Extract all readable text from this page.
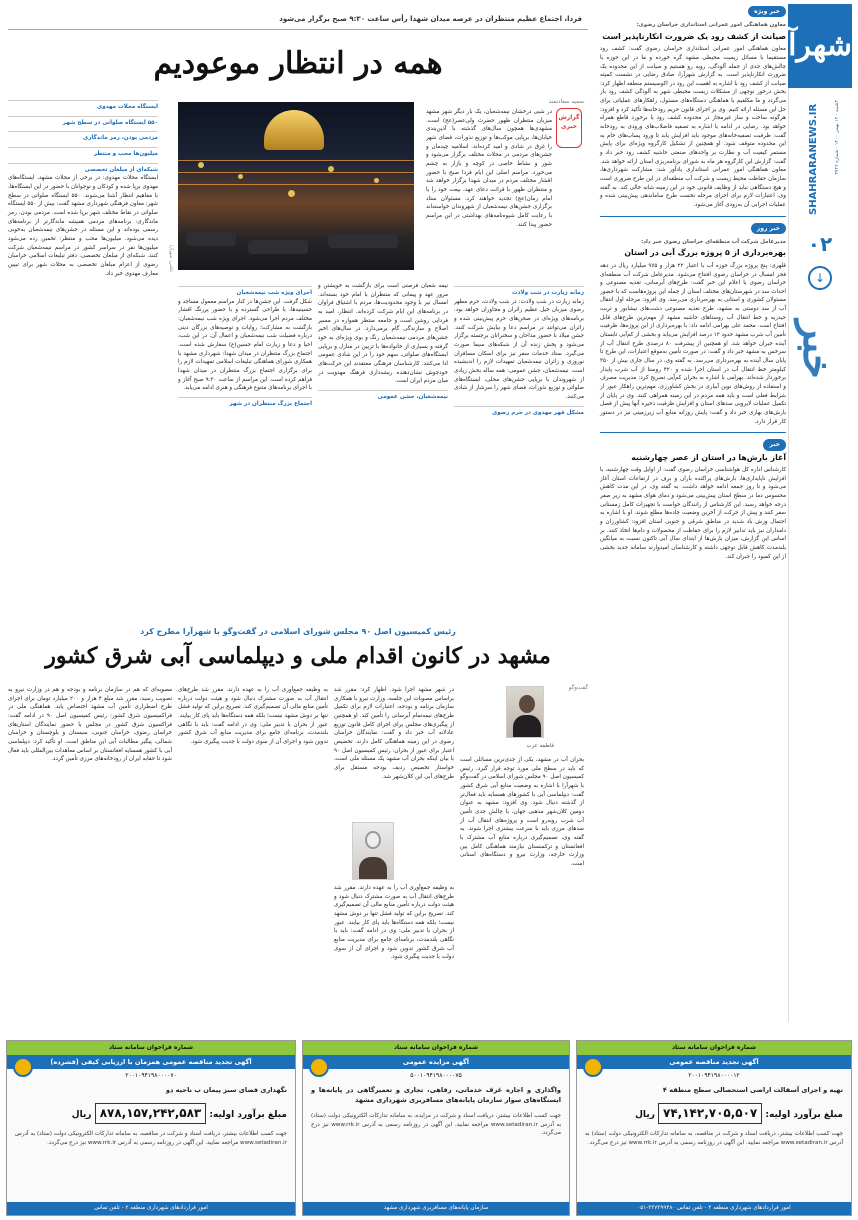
شهرآرا
SHAHRARANEWS.IR	۳شنبه · ۱۲ بهمن ۱۴۰۰ · شماره ۳۷۴۶
۰۲
↓
خبر
خبر ویژه
معاون هماهنگی امور عمرانی استانداری خراسان رضوی:
صیانت از کشف رود یک ضرورت انکارناپذیر است
معاون هماهنگی امور عمرانی استانداری خراسان رضوی گفت: کشف رود مستقیما با مسائل زیست محیطی مشهد گره خورده و ما در این حوزه با چالش‌های جدی از جمله آلودگی، رویه رو هستیم و صیانت از این محدوده یک ضرورت انکارناپذیر است. به گزارش شهرآرا، صادق رضایی در نشست کمیته صیانت از کشف رود با اشاره به اهمیت این رود در اکوسیستم منطقه اظهار کرد: بخش درخور توجهی از مشکلات زیست محیطی شهر به آلودگی کشف رود باز می‌گردد و ما مکلفیم با هماهنگی دستگاه‌های مسئول، راهکارهای عملیاتی برای حل این مسئله ارائه کنیم. وی بر اجرای قانون حریم رودخانه‌ها تأکید کرد و افزود: هرگونه ساخت و ساز غیرمجاز در محدوده کشف رود با برخورد قاطع همراه خواهد بود. رضایی در ادامه با اشاره به تصفیه فاضلاب‌های ورودی به رودخانه گفت: ظرفیت تصفیه‌خانه‌های موجود باید افزایش یابد تا ورود پساب‌های خام به این محدوده متوقف شود. او همچنین از تشکیل کارگروه ویژه‌ای برای پایش مستمر کیفیت آب و نظارت بر واحدهای صنعتی حاشیه کشف رود خبر داد و گفت: گزارش این کارگروه هر ماه به شورای برنامه‌ریزی استان ارائه خواهد شد. معاون هماهنگی امور عمرانی استانداری یادآور شد: مشارکت شهرداری‌ها، سازمان حفاظت محیط زیست و شرکت آب منطقه‌ای در این طرح ضروری است و هیچ دستگاهی نباید از وظایف قانونی خود در این زمینه شانه خالی کند. به گفته وی، اعتبارات لازم برای اجرای مرحله نخست طرح ساماندهی پیش‌بینی شده و عملیات اجرایی آن به‌زودی آغاز می‌شود.
خبر روز
مدیرعامل شرکت آب منطقه‌ای خراسان رضوی خبر داد:
بهره‌برداری از ۵ پروژه بزرگ آبی در استان
قلهری: پنج پروژه بزرگ حوزه آب با اعتبار ۲۲ هزار و ۹۷۵ میلیارد ریال در دهه فجر امسال در خراسان رضوی افتتاح می‌شود. مدیرعامل شرکت آب منطقه‌ای خراسان رضوی با اعلام این خبر گفت: طرح‌های آبرسانی، تغذیه مصنوعی و احداث سد در شهرستان‌های مختلف استان از جمله این پروژه‌هاست که با حضور مسئولان کشوری و استانی به بهره‌برداری می‌رسد. وی افزود: مرحله اول انتقال آب از سد دوستی به مشهد، طرح تغذیه مصنوعی دشت‌های نیشابور و تربت حیدریه و خط انتقال آب روستاهای حاشیه مشهد از مهم‌ترین طرح‌های قابل افتتاح است. محمد علی بهرامی ادامه داد: با بهره‌برداری از این پروژه‌ها، ظرفیت تأمین آب شرب مشهد حدود ۱۲ درصد افزایش می‌یابد و بخشی از کم‌آبی تابستان آینده جبران خواهد شد. او همچنین از پیشرفت ۸۰ درصدی طرح انتقال آب از سرخس به مشهد خبر داد و گفت: در صورت تأمین به‌موقع اعتبارات، این طرح تا پایان سال آینده به بهره‌برداری می‌رسد. به گفته وی، در سال جاری بیش از ۳۵۰ کیلومتر خط انتقال آب در استان اجرا شده و ۴۲۰ روستا از آب شرب پایدار برخوردار شده‌اند. بهرامی با اشاره به بحران کم‌آبی تصریح کرد: مدیریت مصرف و استفاده از روش‌های نوین آبیاری در بخش کشاورزی، مهم‌ترین راهکار عبور از شرایط فعلی است و باید همه مردم در این زمینه همراهی کنند. وی در پایان از تکمیل عملیات لایروبی سدهای استان و افزایش ظرفیت ذخیره آنها پیش از فصل بارش‌های بهاری خبر داد و گفت: پایش روزانه منابع آب زیرزمینی نیز در دستور کار قرار دارد.
خبر
آغاز بارش‌ها در استان از عصر چهارشنبه
کارشناس اداره کل هواشناسی خراسان رضوی گفت: از اوایل وقت چهارشنبه، با افزایش ناپایداری‌ها، بارش‌های پراکنده باران و برف در ارتفاعات استان آغاز می‌شود و تا روز جمعه ادامه خواهد داشت. به گفته وی، در این مدت کاهش محسوس دما در سطح استان پیش‌بینی می‌شود و دمای هوای مشهد به زیر صفر درجه خواهد رسید. این کارشناس از رانندگان خواست با تجهیزات کامل زمستانی سفر کنند و پیش از حرکت از آخرین وضعیت جاده‌ها مطلع شوند. او با اشاره به احتمال وزش باد شدید در مناطق شرقی و جنوبی استان افزود: کشاورزان و دامداران نیز باید تدابیر لازم را برای حفاظت از محصولات و دام‌ها اتخاذ کنند. بر اساس این گزارش، میزان بارش‌ها از ابتدای سال آبی تاکنون نسبت به میانگین بلندمدت کاهش قابل توجهی داشته و کارشناسان امیدوارند سامانه جدید بخشی از این کمبود را جبران کند.
فردا، اجتماع عظیم منتظران در عرصه میدان شهدا رأس ساعت ۹:۳۰ صبح برگزار می‌شود
همه در انتظار موعودیم
سمیه سعادتمند
گزارش خبری
در شبی درخشان نیمه‌شعبان، یک بار دیگر شهر مشهد میزبان منتظران ظهور حضرت ولی‌عصر(عج) است. مشهدی‌ها همچون سال‌های گذشته با آذین‌بندی خیابان‌ها، برپایی موکب‌ها و توزیع نذورات، فضای شهر را غرق در شادی و امید کرده‌اند. اسلامیه چیدمان و جشن‌های مردمی در محلات مختلف برگزار می‌شود و شور و نشاط خاصی در کوچه و بازار به چشم می‌خورد. مراسم اصلی این ایام فردا صبح با حضور اقشار مختلف مردم در میدان شهدا برگزار خواهد شد و منتظران ظهور با قرائت دعای عهد، بیعت خود را با امام زمان(عج) تجدید خواهند کرد. مسئولان ستاد برگزاری جشن‌های نیمه‌شعبان از شهروندان خواسته‌اند با رعایت کامل شیوه‌نامه‌های بهداشتی در این مراسم حضور پیدا کنند.
عکس: شهرآرا
زمانه زیارت در شب ولادت
زمانه زیارت در شب ولادت: در شب ولادت، حرم مطهر رضوی میزبان خیل عظیم زائران و مجاوران خواهد بود. برنامه‌های ویژه‌ای در صحن‌های حرم پیش‌بینی شده و زائران می‌توانند در مراسم دعا و نیایش شرکت کنند. جشن میلاد با حضور مداحان و سخنرانان برجسته برگزار می‌شود و پخش زنده آن از شبکه‌های سیما صورت می‌گیرد. ستاد خدمات سفر نیز برای اسکان مسافران نوروزی و زائران نیمه‌شعبان تمهیدات لازم را اندیشیده است. نیمه‌شعبان، جشن عمومی: همه ساله بخش زیادی از شهروندان با برپایی جشن‌های محلی، ایستگاه‌های صلواتی و توزیع نذورات، فضای شهر را سرشار از شادی می‌کنند.
مشکل قهر مهدوی در حرم رضوی
نیمه شعبان فرصتی است برای بازگشت به خویشتن و مرور عهد و پیمانی که منتظران با امام خود بسته‌اند. امسال نیز با وجود محدودیت‌ها، مردم با اشتیاق فراوان در برنامه‌های این ایام شرکت کرده‌اند. انتظار، امید به فردایی روشن است و جامعه منتظر همواره در مسیر اصلاح و سازندگی گام برمی‌دارد. در سال‌های اخیر جشن‌های مردمی نیمه‌شعبان رنگ و بوی ویژه‌ای به خود گرفته و بسیاری از خانواده‌ها با تزیین در منازل و برپایی ایستگاه‌های صلواتی، سهم خود را در این شادی عمومی ادا می‌کنند. کارشناسان فرهنگی معتقدند این حرکت‌های خودجوش نشان‌دهنده ریشه‌داری فرهنگ مهدویت در میان مردم ایران است.
نیمه‌شعبان، جشن عمومی
اجرای ویژه شب نیمه‌شعبان
شکل گرفت. این جشن‌ها در کنار مراسم معمول مساجد و حسینیه‌ها، با طراحی گسترده و با حضور پررنگ اقشار مختلف مردم اجرا می‌شود. اجرای ویژه شب نیمه‌شعبان: بازگشت به مشارکت؛ روایات و توصیه‌های بزرگان دینی درباره فضیلت شب نیمه‌شعبان و اعمال آن. در این شب، احیا و دعا و زیارت امام حسین(ع) سفارش شده است. اجتماع بزرگ منتظران در میدان شهدا: شهرداری مشهد با همکاری شورای هماهنگی تبلیغات اسلامی تمهیدات لازم را برای برگزاری اجتماع بزرگ منتظران در میدان شهدا فراهم کرده است. این مراسم از ساعت ۹:۳۰ صبح آغاز و با اجرای برنامه‌های متنوع فرهنگی و هنری ادامه می‌یابد.
اجتماع بزرگ منتظران در شهر
ایستگاه محلات مهدوی
۵۵۰ ایستگاه صلواتی در سطح شهر
مردمی بودن، رمز ماندگاری
میلیون‌ها محب و منتظر
شبکه‌ای از مبلغان تخصصی
ایستگاه محلات مهدوی: در برخی از محلات مشهد، ایستگاه‌های مهدوی برپا شده و کودکان و نوجوانان با حضور در این ایستگاه‌ها، با مفاهیم انتظار آشنا می‌شوند. ۵۵۰ ایستگاه صلواتی در سطح شهر: معاون فرهنگی شهرداری مشهد گفت: بیش از ۵۵۰ ایستگاه صلواتی در نقاط مختلف شهر برپا شده است. مردمی بودن، رمز ماندگاری: برنامه‌های مردمی همیشه ماندگارتر از برنامه‌های رسمی بوده‌اند و این مسئله در جشن‌های نیمه‌شعبان به‌خوبی دیده می‌شود. میلیون‌ها محب و منتظر: تخمین زده می‌شود میلیون‌ها نفر در سراسر کشور در مراسم نیمه‌شعبان شرکت کنند. شبکه‌ای از مبلغان تخصصی: دفتر تبلیغات اسلامی خراسان رضوی از اعزام مبلغان تخصصی به محلات شهر برای تبیین معارف مهدوی خبر داد.
رئیس کمیسیون اصل ۹۰ مجلس شورای اسلامی در گفت‌وگو با شهرآرا مطرح کرد
مشهد در کانون اقدام ملی و دیپلماسی آبی شرق کشور
گفت‌وگو
فاطمه عرب
بحران آب در مشهد، یکی از جدی‌ترین مسائلی است که باید در سطح ملی مورد توجه قرار گیرد. رئیس کمیسیون اصل ۹۰ مجلس شورای اسلامی در گفت‌وگو با شهرآرا با اشاره به وضعیت منابع آبی شرق کشور گفت: دیپلماسی آبی با کشورهای همسایه باید فعال‌تر از گذشته دنبال شود. وی افزود: مشهد به عنوان دومین کلان‌شهر مذهبی جهان، با چالش جدی تأمین آب شرب روبه‌رو است و پروژه‌های انتقال آب از سدهای مرزی باید با سرعت بیشتری اجرا شوند. به گفته وی، تصمیم‌گیری درباره منابع آب مشترک با افغانستان و ترکمنستان نیازمند هماهنگی کامل بین وزارت خارجه، وزارت نیرو و دستگاه‌های استانی است.
در شهر مشهد اجرا شود. اظهار کرد: مقرر شد براساس مصوبات این جلسه، وزارت نیرو با همکاری سازمان برنامه و بودجه، اعتبارات لازم برای تکمیل طرح‌های نیمه‌تمام آبرسانی را تأمین کند. او همچنین از پیگیری‌های مجلس برای اجرای کامل قانون توزیع عادلانه آب خبر داد و گفت: نمایندگان خراسان رضوی در این زمینه هماهنگی کامل دارند. تخصیص اعتبار برای عبور از بحران: رئیس کمیسیون اصل ۹۰ با بیان اینکه بحران آب مشهد یک مسئله ملی است، خواستار تخصیص ردیف بودجه مستقل برای طرح‌های آبی این کلان‌شهر شد.
به وظیفه جمع‌آوری آب را به عهده دارند. مقرر شد طرح‌های انتقال آب به صورت مشترک دنبال شود و هیئت دولت درباره تأمین منابع مالی آن تصمیم‌گیری کند. تصریح براین که تولید فشل تنها بر دوش مشهد نیست؛ بلکه همه دستگاه‌ها باید پای کار بیایند. عبور از بحران با تدبیر ملی: وی در ادامه گفت: باید با نگاهی بلندمدت، برنامه‌ای جامع برای مدیریت منابع آب شرق کشور تدوین شود و اجرای آن از سوی دولت با جدیت پیگیری شود.
به وظیفه جمع‌آوری آب را به عهده دارند. مقرر شد طرح‌های انتقال آب به صورت مشترک دنبال شود و هیئت دولت درباره تأمین منابع مالی آن تصمیم‌گیری کند. تصریح براین که تولید فشل تنها بر دوش مشهد نیست؛ بلکه همه دستگاه‌ها باید پای کار بیایند. عبور از بحران با تدبیر ملی: وی در ادامه گفت: باید با نگاهی بلندمدت، برنامه‌ای جامع برای مدیریت منابع آب شرق کشور تدوین شود و اجرای آن از سوی دولت با جدیت پیگیری شود.
مصوبه‌ای که هم در سازمان برنامه و بودجه و هم در وزارت نیرو به تصویب رسید، مقرر شد مبلغ ۴ هزار و ۲۰۰ میلیارد تومان برای اجرای طرح اضطراری تأمین آب مشهد اختصاص یابد. هماهنگی ملی در فراکمیسیون شرق کشور: رئیس کمیسیون اصل ۹۰ در ادامه گفت: فراکسیون شرق کشور در مجلس با حضور نمایندگان استان‌های خراسان رضوی، خراسان جنوبی، سیستان و بلوچستان و خراسان شمالی، پیگیر مطالبات آبی این مناطق است. او تأکید کرد: دیپلماسی آبی با کشور همسایه افغانستان بر اساس معاهدات بین‌المللی باید فعال شود تا حقابه ایران از رودخانه‌های مرزی تأمین گردد.
شماره فراخوان سامانه ستاد
آگهی تجدید مناقصه عمومی
۲۰۰۱۰۹۴۱۹۸۰۰۰۰۱۲
تهیه و اجرای آسفالت اراضی استحصالی سطح منطقه ۴
مبلغ برآورد اولیه: ۷۴,۱۴۲,۷۰۵,۵۰۷ ریال
جهت کسب اطلاعات بیشتر، دریافت اسناد و شرکت در مناقصه، به سامانه تدارکات الکترونیکی دولت (ستاد) به آدرس www.setadiran.ir مراجعه نمایید. این آگهی در روزنامه رسمی به آدرس www.rrk.ir نیز درج می‌گردد.
امور قراردادهای شهرداری منطقه ۴ - تلفن تماس ۳۳۷۳۹۹۴۸۰-۰۵۱
شماره فراخوان سامانه ستاد
آگهی مزایده عمومی
۵۰۰۱۰۹۴۱۹۸۰۰۰۰۷۵
واگذاری و اجاره غرف خدماتی، رفاهی، تجاری و تعمیرگاهی در پایانه‌ها و ایستگاه‌های سوار سازمان پایانه‌های مسافربری شهرداری مشهد
جهت کسب اطلاعات بیشتر، دریافت اسناد و شرکت در مزایده، به سامانه تدارکات الکترونیکی دولت (ستاد) به آدرس www.setadiran.ir مراجعه نمایید. این آگهی در روزنامه رسمی به آدرس www.rrk.ir نیز درج می‌گردد.
سازمان پایانه‌های مسافربری شهرداری مشهد
شماره فراخوان سامانه ستاد
آگهی تجدید مناقصه عمومی همزمان با ارزیابی کیفی (فشرده)
۲۰۰۱۰۹۴۱۹۸۰۰۰۰۷۰
نگهداری فضای سبز پیمان ب ناحیه دو
مبلغ برآورد اولیه: ۸۷۸,۱۵۷,۲۴۲,۵۸۳ ریال
جهت کسب اطلاعات بیشتر، دریافت اسناد و شرکت در مناقصه، به سامانه تدارکات الکترونیکی دولت (ستاد) به آدرس www.setadiran.ir مراجعه نمایید. این آگهی در روزنامه رسمی به آدرس www.rrk.ir نیز درج می‌گردد.
امور قراردادهای شهرداری منطقه ۲ - تلفن تماس
